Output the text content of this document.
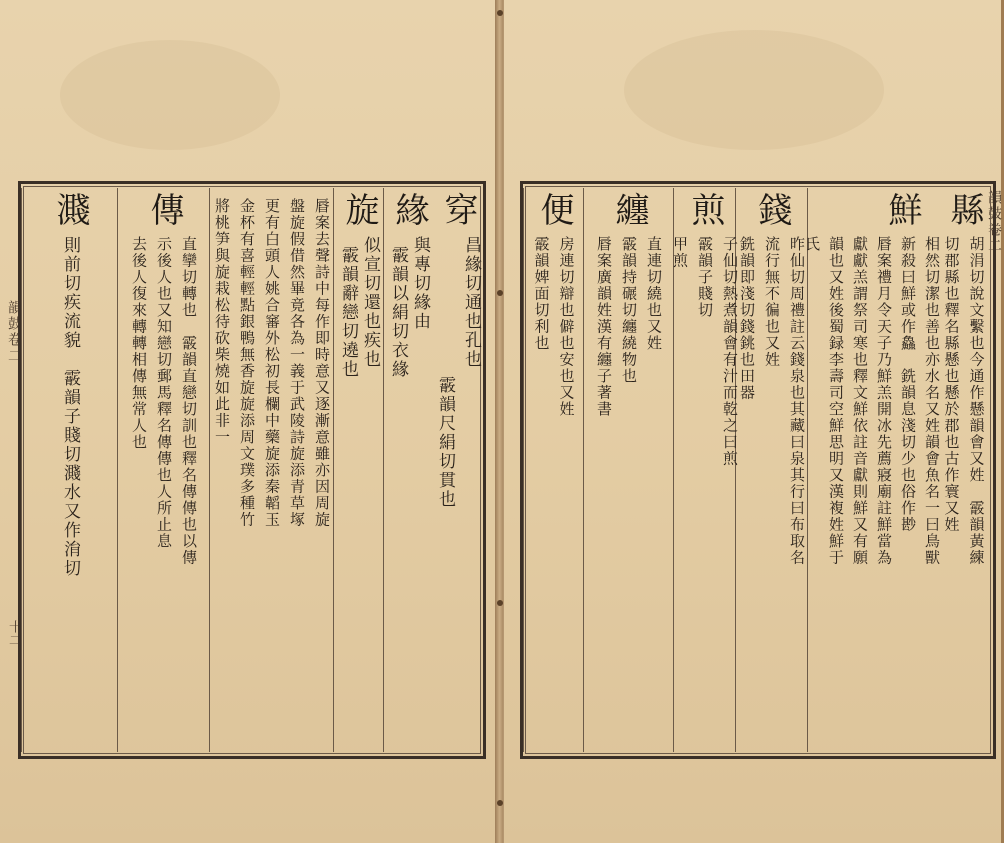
韻鼓卷二
十二
穿
昌緣切通也孔也
霰韻尺絹切貫也
緣
與專切緣由
霰韻以絹切衣緣
旋
似宣切還也疾也
霰韻辭戀切遶也
㫳案去聲詩中每作即時意又逐漸意雖亦因周旋
盤旋假借然畢竟各為一義于武陵詩旋添青草塚
更有白頭人姚合䆺外松初長欄中藥旋添秦韜玉
金杯有喜輕輕點銀鴨無香旋旋添周文璞多種竹
將桃笋與旋栽松待砍柴燒如此非一
傳
直攣切轉也　霰韻直戀切訓也釋名傳傳也以傳
示後人也又知戀切郵馬釋名傳傳也人所止息
去後人復來轉轉相傳無常人也
濺
則前切疾流貌　霰韻子賤切濺水又作㳙切
韻鼓卷二
縣
胡涓切說文繫也今通作懸韻會又姓　霰韻黃練
切郡縣也釋名縣懸也懸於郡也古作寰又姓
鮮
相然切潔也善也亦水名又姓韻會魚名一曰鳥獸
新殺曰鮮或作鱻　銑韻息淺切少也俗作尠
㫳案禮月令天子乃鮮羔開冰先薦寢廟註鮮當為
獻獻羔謂祭司寒也釋文鮮依註音獻則鮮又有願
韻也又姓後蜀録李壽司空鮮思明又漢複姓鮮于
氏
錢
昨仙切周禮註云錢泉也其藏曰泉其行曰布取名
流行無不徧也又姓
銑韻即淺切錢銚也田器
煎
子仙切熱煮韻會有汁而乾之曰煎
霰韻子賤切
甲煎
纏
直連切繞也又姓
霰韻持碾切纏繞物也
㫳案廣韻姓漢有纏子著書
便
房連切辯也僻也安也又姓
霰韻婢面切利也
